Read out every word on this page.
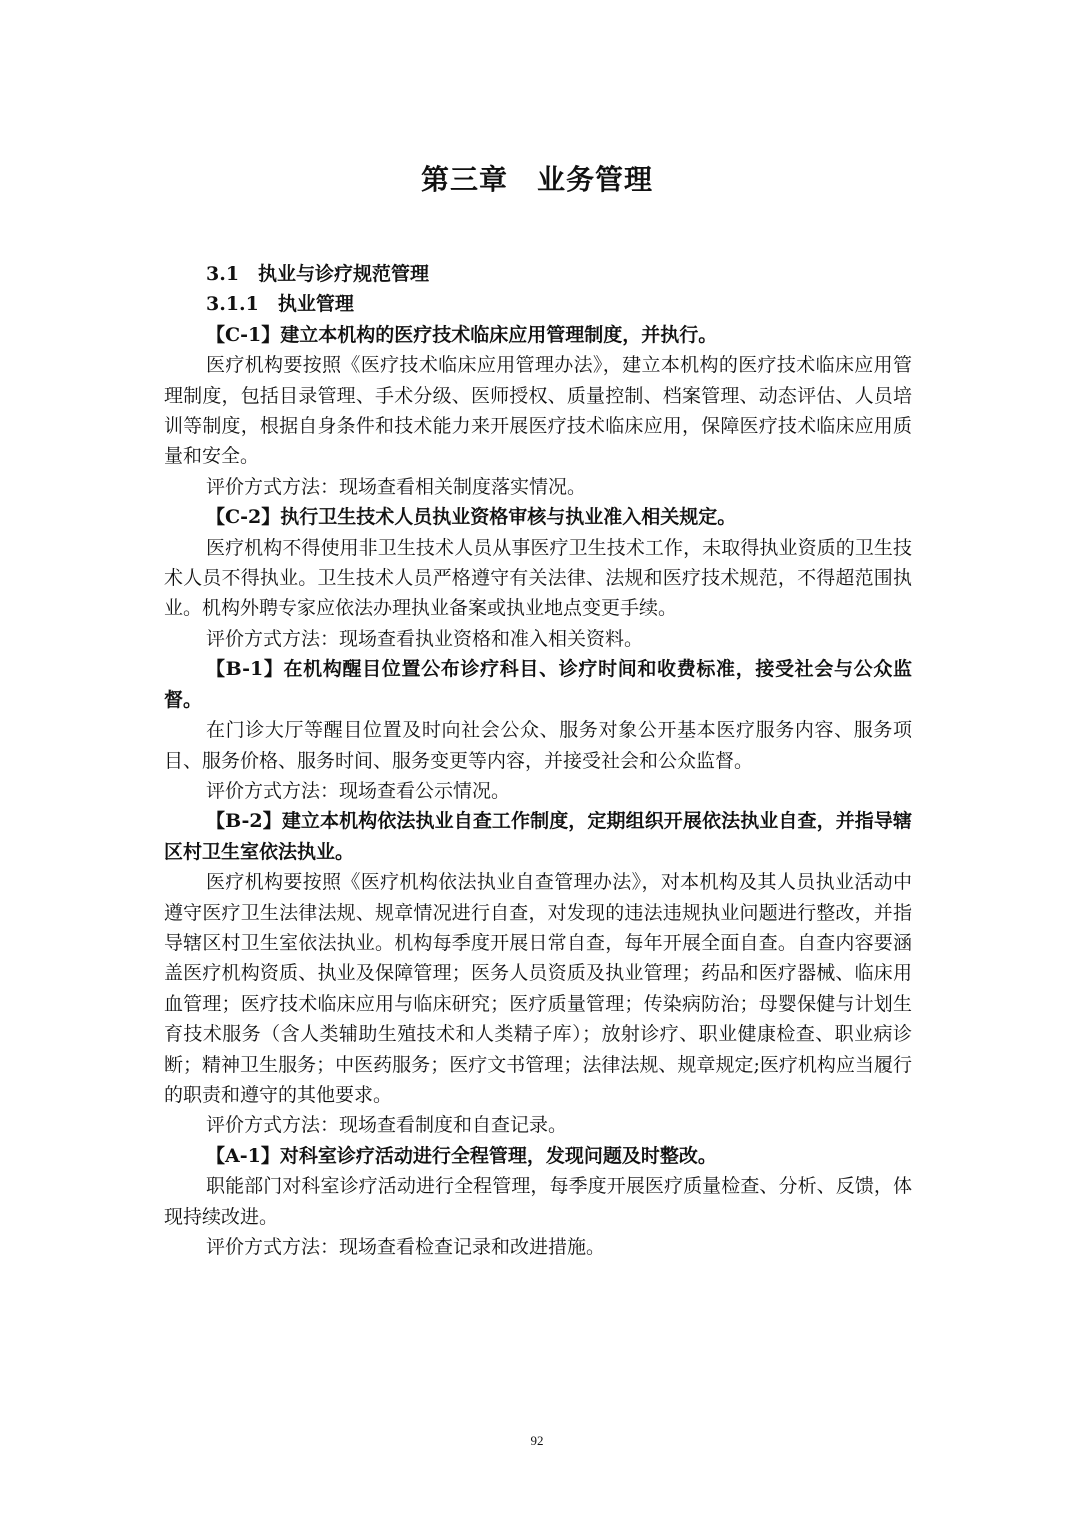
第三章　业务管理

3.1　执业与诊疗规范管理

3.1.1　执业管理

【C-1】建立本机构的医疗技术临床应用管理制度，并执行。

医疗机构要按照《医疗技术临床应用管理办法》，建立本机构的医疗技术临床应用管理制度，包括目录管理、手术分级、医师授权、质量控制、档案管理、动态评估、人员培训等制度，根据自身条件和技术能力来开展医疗技术临床应用，保障医疗技术临床应用质量和安全。

评价方式方法：现场查看相关制度落实情况。

【C-2】执行卫生技术人员执业资格审核与执业准入相关规定。

医疗机构不得使用非卫生技术人员从事医疗卫生技术工作，未取得执业资质的卫生技术人员不得执业。卫生技术人员严格遵守有关法律、法规和医疗技术规范，不得超范围执业。机构外聘专家应依法办理执业备案或执业地点变更手续。

评价方式方法：现场查看执业资格和准入相关资料。

【B-1】在机构醒目位置公布诊疗科目、诊疗时间和收费标准，接受社会与公众监督。

在门诊大厅等醒目位置及时向社会公众、服务对象公开基本医疗服务内容、服务项目、服务价格、服务时间、服务变更等内容，并接受社会和公众监督。

评价方式方法：现场查看公示情况。

【B-2】建立本机构依法执业自查工作制度，定期组织开展依法执业自查，并指导辖区村卫生室依法执业。

医疗机构要按照《医疗机构依法执业自查管理办法》，对本机构及其人员执业活动中遵守医疗卫生法律法规、规章情况进行自查，对发现的违法违规执业问题进行整改，并指导辖区村卫生室依法执业。机构每季度开展日常自查，每年开展全面自查。自查内容要涵盖医疗机构资质、执业及保障管理；医务人员资质及执业管理；药品和医疗器械、临床用血管理；医疗技术临床应用与临床研究；医疗质量管理；传染病防治；母婴保健与计划生育技术服务（含人类辅助生殖技术和人类精子库）；放射诊疗、职业健康检查、职业病诊断；精神卫生服务；中医药服务；医疗文书管理；法律法规、规章规定;医疗机构应当履行的职责和遵守的其他要求。

评价方式方法：现场查看制度和自查记录。

【A-1】对科室诊疗活动进行全程管理，发现问题及时整改。

职能部门对科室诊疗活动进行全程管理，每季度开展医疗质量检查、分析、反馈，体现持续改进。

评价方式方法：现场查看检查记录和改进措施。

92
